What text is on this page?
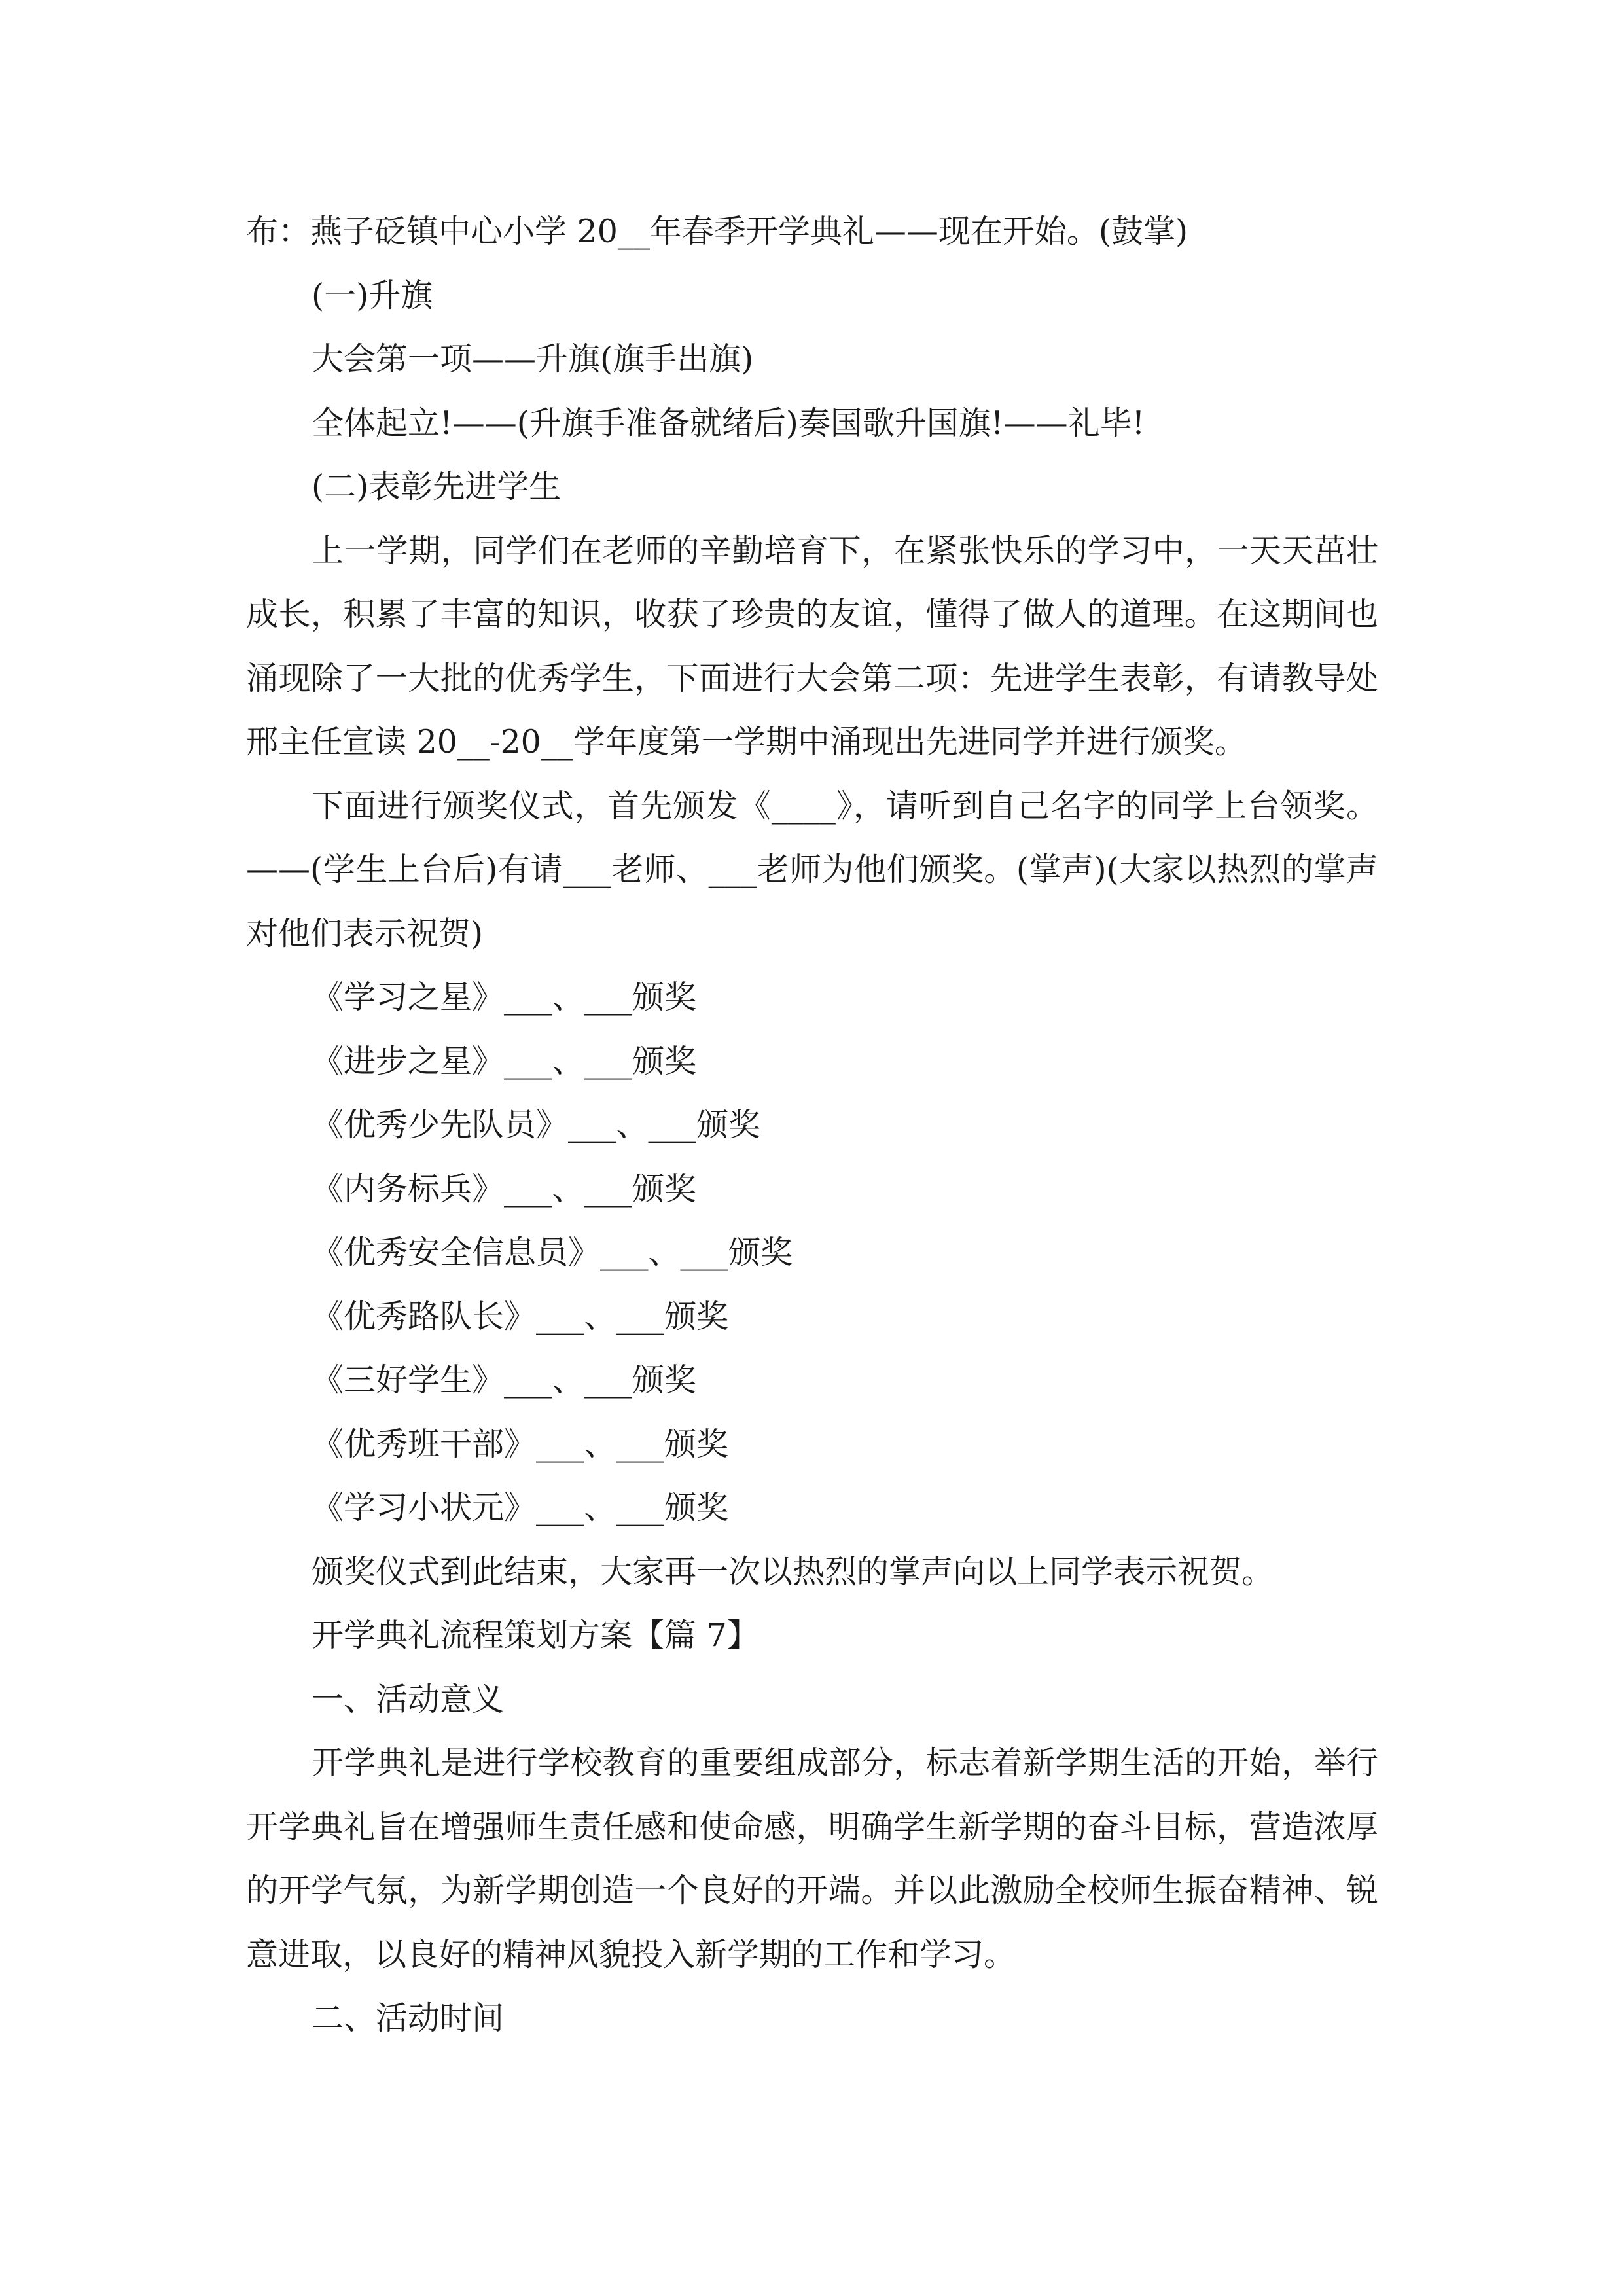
布：燕子砭镇中心小学 20__年春季开学典礼——现在开始。(鼓掌)
(一)升旗
大会第一项——升旗(旗手出旗)
全体起立!——(升旗手准备就绪后)奏国歌升国旗!——礼毕!
(二)表彰先进学生

上一学期，同学们在老师的辛勤培育下，在紧张快乐的学习中，一天天茁壮成长，积累了丰富的知识，收获了珍贵的友谊，懂得了做人的道理。在这期间也涌现除了一大批的优秀学生，下面进行大会第二项：先进学生表彰，有请教导处邢主任宣读 20__-20__学年度第一学期中涌现出先进同学并进行颁奖。

下面进行颁奖仪式，首先颁发《____》，请听到自己名字的同学上台领奖。——(学生上台后)有请___老师、___老师为他们颁奖。(掌声)(大家以热烈的掌声对他们表示祝贺)

《学习之星》___、___颁奖
《进步之星》___、___颁奖
《优秀少先队员》___、___颁奖
《内务标兵》___、___颁奖
《优秀安全信息员》___、___颁奖
《优秀路队长》___、___颁奖
《三好学生》___、___颁奖
《优秀班干部》___、___颁奖
《学习小状元》___、___颁奖
颁奖仪式到此结束，大家再一次以热烈的掌声向以上同学表示祝贺。
开学典礼流程策划方案【篇 7】
一、活动意义

开学典礼是进行学校教育的重要组成部分，标志着新学期生活的开始，举行开学典礼旨在增强师生责任感和使命感，明确学生新学期的奋斗目标，营造浓厚的开学气氛，为新学期创造一个良好的开端。并以此激励全校师生振奋精神、锐意进取，以良好的精神风貌投入新学期的工作和学习。

二、活动时间
